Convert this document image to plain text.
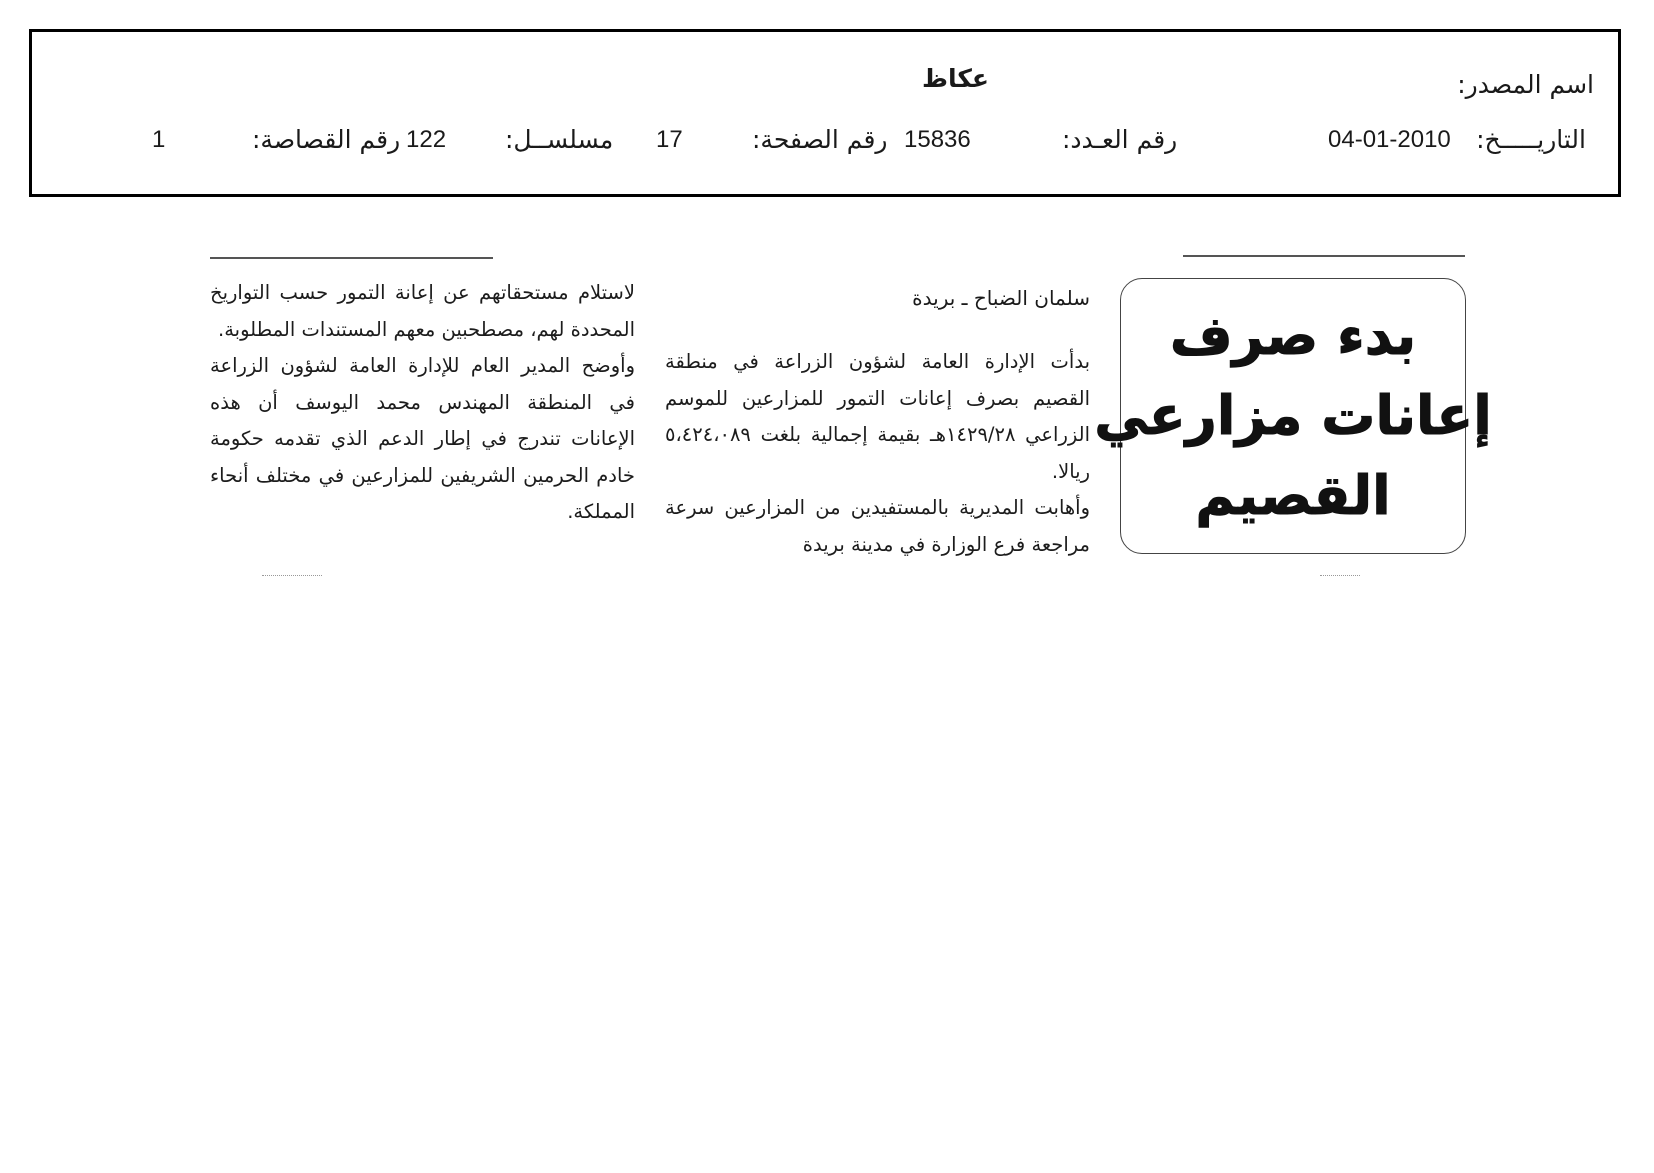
اسم المصدر:
عكاظ
التاريـــــخ:
04-01-2010
رقم العـدد:
15836
رقم الصفحة:
17
مسلســل:
122
رقم القصاصة:
1
بدء صرف
إعانات مزارعي
القصيم
سلمان الضباح ـ بريدة

بدأت الإدارة العامة لشؤون الزراعة في منطقة القصيم بصرف إعانات التمور للمزارعين للموسم الزراعي ١٤٢٩/٢٨هـ بقيمة إجمالية بلغت ٥،٤٢٤،٠٨٩ ريالا.

وأهابت المديرية بالمستفيدين من المزارعين سرعة مراجعة فرع الوزارة في مدينة بريدة

لاستلام مستحقاتهم عن إعانة التمور حسب التواريخ المحددة لهم، مصطحبين معهم المستندات المطلوبة.

وأوضح المدير العام للإدارة العامة لشؤون الزراعة في المنطقة المهندس محمد اليوسف أن هذه الإعانات تندرج في إطار الدعم الذي تقدمه حكومة خادم الحرمين الشريفين للمزارعين في مختلف أنحاء المملكة.
